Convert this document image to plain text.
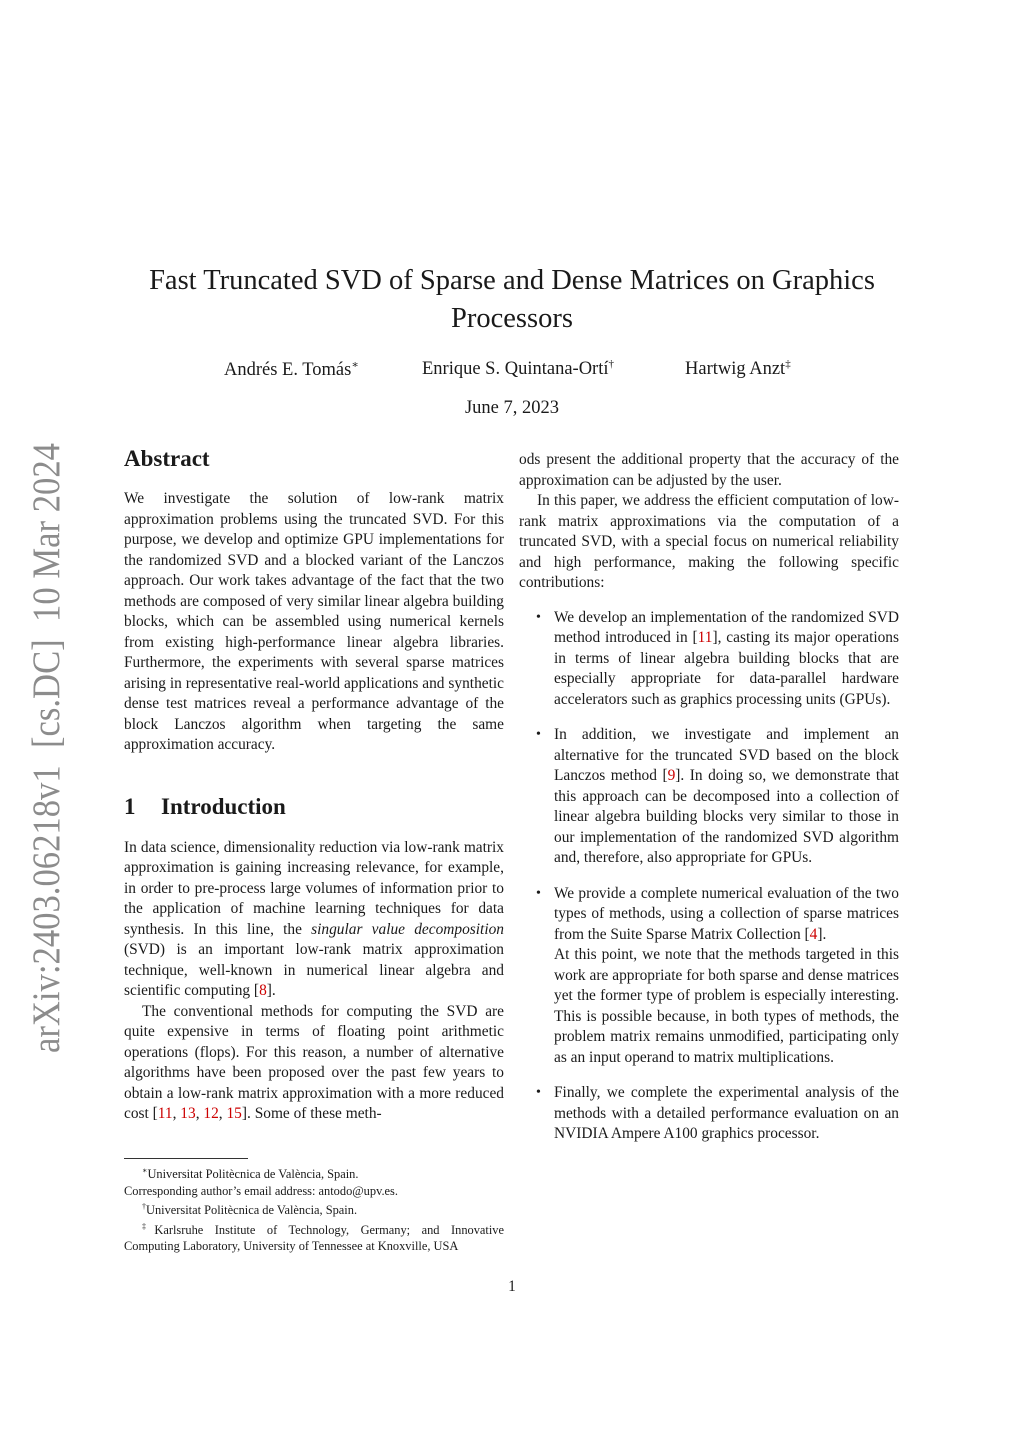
arXiv:2403.06218v1  [cs.DC]  10 Mar 2024
Fast Truncated SVD of Sparse and Dense Matrices on Graphics Processors
Andrés E. Tomás∗	Enrique S. Quintana-Ortí†	Hartwig Anzt‡
June 7, 2023
Abstract

We investigate the solution of low-rank matrix approximation problems using the truncated SVD. For this purpose, we develop and optimize GPU implementations for the randomized SVD and a blocked variant of the Lanczos approach. Our work takes advantage of the fact that the two methods are composed of very similar linear algebra building blocks, which can be assembled using numerical kernels from existing high-performance linear algebra libraries. Furthermore, the experiments with several sparse matrices arising in representative real-world applications and synthetic dense test matrices reveal a performance advantage of the block Lanczos algorithm when targeting the same approximation accuracy.

1 Introduction

In data science, dimensionality reduction via low-rank matrix approximation is gaining increasing relevance, for example, in order to pre-process large volumes of information prior to the application of machine learning techniques for data synthesis. In this line, the singular value decomposition (SVD) is an important low-rank matrix approximation technique, well-known in numerical linear algebra and scientific computing [8].

The conventional methods for computing the SVD are quite expensive in terms of floating point arithmetic operations (flops). For this reason, a number of alternative algorithms have been proposed over the past few years to obtain a low-rank matrix approximation with a more reduced cost [11, 13, 12, 15]. Some of these meth-

∗Universitat Politècnica de València, Spain.

Corresponding author’s email address: antodo@upv.es.

†Universitat Politècnica de València, Spain.

‡Karlsruhe Institute of Technology, Germany; and Innovative Computing Laboratory, University of Tennessee at Knoxville, USA

ods present the additional property that the accuracy of the approximation can be adjusted by the user.

In this paper, we address the efficient computation of low-rank matrix approximations via the computation of a truncated SVD, with a special focus on numerical reliability and high performance, making the following specific contributions:

• We develop an implementation of the randomized SVD method introduced in [11], casting its major operations in terms of linear algebra building blocks that are especially appropriate for data-parallel hardware accelerators such as graphics processing units (GPUs).
• In addition, we investigate and implement an alternative for the truncated SVD based on the block Lanczos method [9]. In doing so, we demonstrate that this approach can be decomposed into a collection of linear algebra building blocks very similar to those in our implementation of the randomized SVD algorithm and, therefore, also appropriate for GPUs.
• We provide a complete numerical evaluation of the two types of methods, using a collection of sparse matrices from the Suite Sparse Matrix Collection [4].

At this point, we note that the methods targeted in this work are appropriate for both sparse and dense matrices yet the former type of problem is especially interesting. This is possible because, in both types of methods, the problem matrix remains unmodified, participating only as an input operand to matrix multiplications.

• Finally, we complete the experimental analysis of the methods with a detailed performance evaluation on an NVIDIA Ampere A100 graphics processor.
1
